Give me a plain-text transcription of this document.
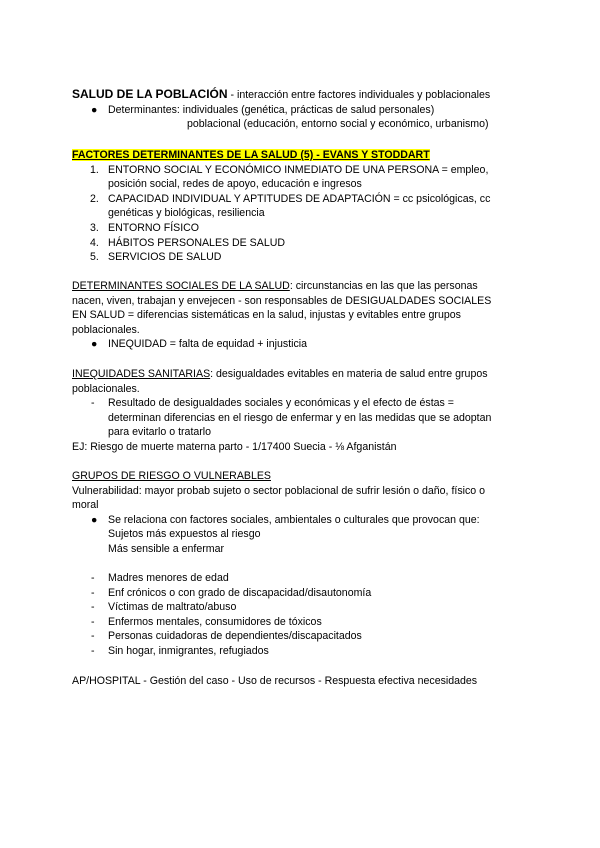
SALUD DE LA POBLACIÓN - interacción entre factores individuales y poblacionales
● Determinantes: individuales (genética, prácticas de salud personales)
poblacional (educación, entorno social y económico, urbanismo)
FACTORES DETERMINANTES DE LA SALUD (5) - EVANS Y STODDART
1. ENTORNO SOCIAL Y ECONÓMICO INMEDIATO DE UNA PERSONA = empleo,
posición social, redes de apoyo, educación e ingresos
2. CAPACIDAD INDIVIDUAL Y APTITUDES DE ADAPTACIÓN = cc psicológicas, cc
genéticas y biológicas, resiliencia
3. ENTORNO FÍSICO
4. HÁBITOS PERSONALES DE SALUD
5. SERVICIOS DE SALUD
DETERMINANTES SOCIALES DE LA SALUD: circunstancias en las que las personas
nacen, viven, trabajan y envejecen - son responsables de DESIGUALDADES SOCIALES
EN SALUD = diferencias sistemáticas en la salud, injustas y evitables entre grupos
poblacionales.
● INEQUIDAD = falta de equidad + injusticia
INEQUIDADES SANITARIAS: desigualdades evitables en materia de salud entre grupos
poblacionales.
- Resultado de desigualdades sociales y económicas y el efecto de éstas =
determinan diferencias en el riesgo de enfermar y en las medidas que se adoptan
para evitarlo o tratarlo
EJ: Riesgo de muerte materna parto - 1/17400 Suecia - ⅛ Afganistán
GRUPOS DE RIESGO O VULNERABLES
Vulnerabilidad: mayor probab sujeto o sector poblacional de sufrir lesión o daño, físico o
moral
● Se relaciona con factores sociales, ambientales o culturales que provocan que:
Sujetos más expuestos al riesgo
Más sensible a enfermar
- Madres menores de edad
- Enf crónicos o con grado de discapacidad/disautonomía
- Víctimas de maltrato/abuso
- Enfermos mentales, consumidores de tóxicos
- Personas cuidadoras de dependientes/discapacitados
- Sin hogar, inmigrantes, refugiados
AP/HOSPITAL - Gestión del caso - Uso de recursos - Respuesta efectiva necesidades
